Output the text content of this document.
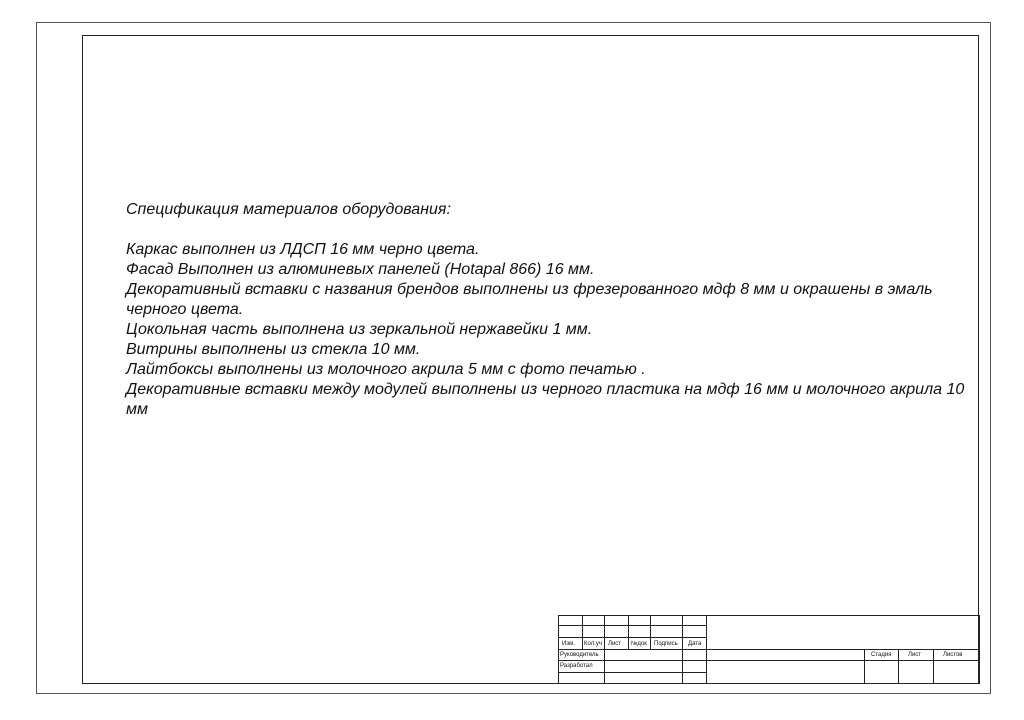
Спецификация материалов оборудования:
Каркас выполнен из ЛДСП 16 мм черно цвета.
Фасад Выполнен из алюминевых панелей (Hotapal 866) 16 мм.
Декоративный вставки с названия брендов выполнены из фрезерованного мдф 8 мм и окрашены в эмаль черного цвета.
Цокольная часть выполнена из зеркальной нержавейки 1 мм.
Витрины выполнены из стекла 10 мм.
Лайтбоксы выполнены из молочного акрила 5 мм с фото печатью .
Декоративные вставки между модулей выполнены из черного пластика на мдф 16 мм и молочного акрила 10 мм
Изм. Кол.уч Лист №док Подпись Дата
Руководитель
Разработал
Стадия	Лист	Листов
